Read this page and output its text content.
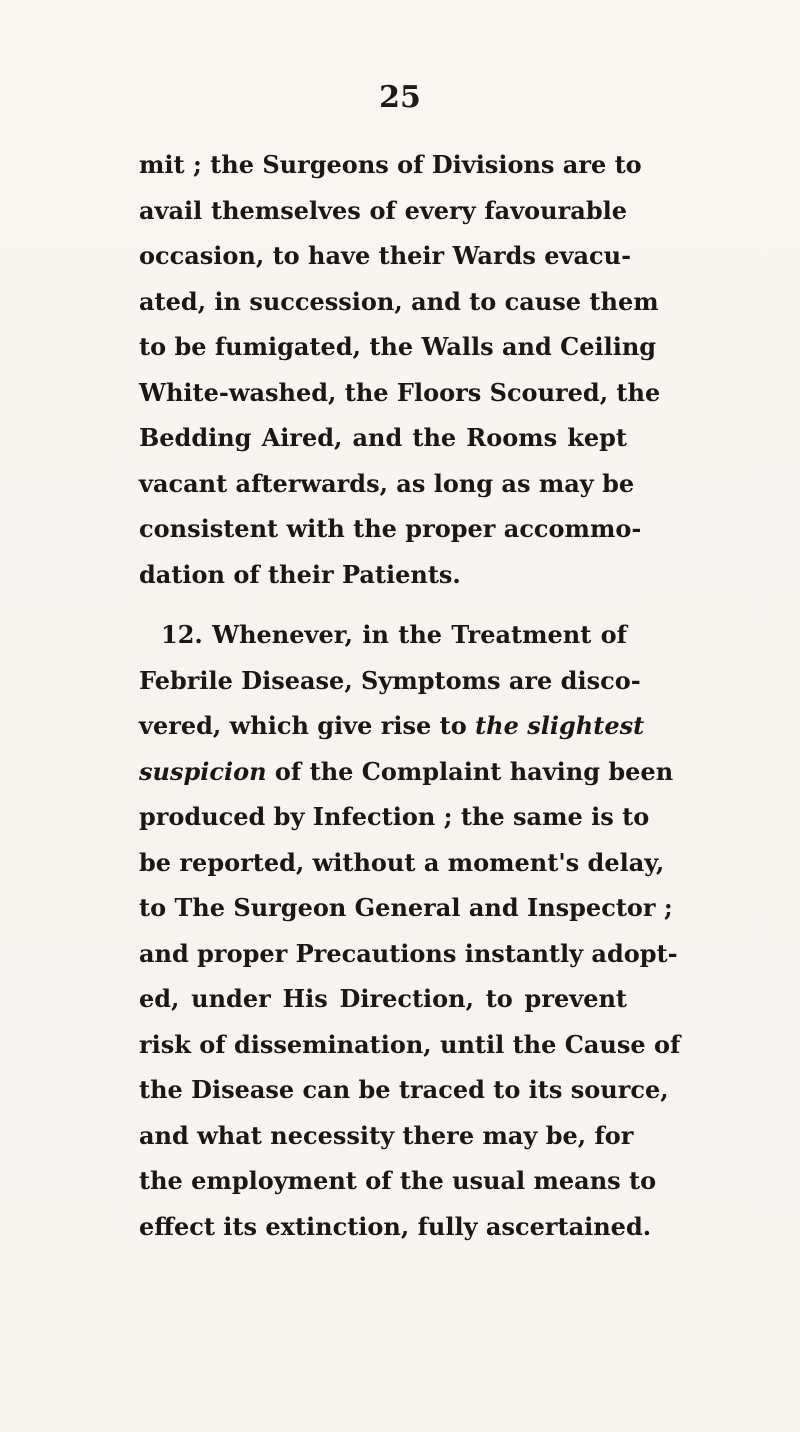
25
mit ; the Surgeons of Divisions are to
avail themselves of every favourable
occasion, to have their Wards evacu-
ated, in succession, and to cause them
to be fumigated, the Walls and Ceiling
White-washed, the Floors Scoured, the
Bedding Aired, and the Rooms kept
vacant afterwards, as long as may be
consistent with the proper accommo-
dation of their Patients.
12. Whenever, in the Treatment of
Febrile Disease, Symptoms are disco-
vered, which give rise to the slightest
suspicion of the Complaint having been
produced by Infection ; the same is to
be reported, without a moment's delay,
to The Surgeon General and Inspector ;
and proper Precautions instantly adopt-
ed, under His Direction, to prevent
risk of dissemination, until the Cause of
the Disease can be traced to its source,
and what necessity there may be, for
the employment of the usual means to
effect its extinction, fully ascertained.
